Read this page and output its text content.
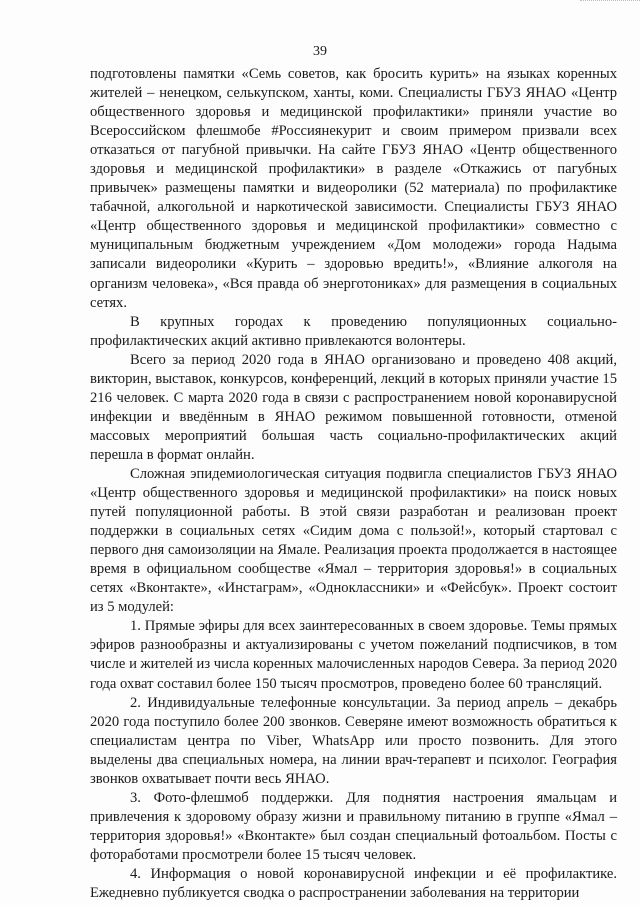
39

подготовлены памятки «Семь советов, как бросить курить» на языках коренных жителей – ненецком, селькупском, ханты, коми. Специалисты ГБУЗ ЯНАО «Центр общественного здоровья и медицинской профилактики» приняли участие во Всероссийском флешмобе #Россиянекурит и своим примером призвали всех отказаться от пагубной привычки. На сайте ГБУЗ ЯНАО «Центр общественного здоровья и медицинской профилактики» в разделе «Откажись от пагубных привычек» размещены памятки и видеоролики (52 материала) по профилактике табачной, алкогольной и наркотической зависимости. Специалисты ГБУЗ ЯНАО «Центр общественного здоровья и медицинской профилактики» совместно с муниципальным бюджетным учреждением «Дом молодежи» города Надыма записали видеоролики «Курить – здоровью вредить!», «Влияние алкоголя на организм человека», «Вся правда об энерготониках» для размещения в социальных сетях.

В крупных городах к проведению популяционных социально-профилактических акций активно привлекаются волонтеры.

Всего за период 2020 года в ЯНАО организовано и проведено 408 акций, викторин, выставок, конкурсов, конференций, лекций в которых приняли участие 15 216 человек. С марта 2020 года в связи с распространением новой коронавирусной инфекции и введённым в ЯНАО режимом повышенной готовности, отменой массовых мероприятий большая часть социально-профилактических акций перешла в формат онлайн.

Сложная эпидемиологическая ситуация подвигла специалистов ГБУЗ ЯНАО «Центр общественного здоровья и медицинской профилактики» на поиск новых путей популяционной работы. В этой связи разработан и реализован проект поддержки в социальных сетях «Сидим дома с пользой!», который стартовал с первого дня самоизоляции на Ямале. Реализация проекта продолжается в настоящее время в официальном сообществе «Ямал – территория здоровья!» в социальных сетях «Вконтакте», «Инстаграм», «Одноклассники» и «Фейсбук». Проект состоит из 5 модулей:

1. Прямые эфиры для всех заинтересованных в своем здоровье. Темы прямых эфиров разнообразны и актуализированы с учетом пожеланий подписчиков, в том числе и жителей из числа коренных малочисленных народов Севера. За период 2020 года охват составил более 150 тысяч просмотров, проведено более 60 трансляций.

2. Индивидуальные телефонные консультации. За период апрель – декабрь 2020 года поступило более 200 звонков. Северяне имеют возможность обратиться к специалистам центра по Viber, WhatsApp или просто позвонить. Для этого выделены два специальных номера, на линии врач-терапевт и психолог. География звонков охватывает почти весь ЯНАО.

3. Фото-флешмоб поддержки. Для поднятия настроения ямальцам и привлечения к здоровому образу жизни и правильному питанию в группе «Ямал – территория здоровья!» «Вконтакте» был создан специальный фотоальбом. Посты с фотоработами просмотрели более 15 тысяч человек.

4. Информация о новой коронавирусной инфекции и её профилактике. Ежедневно публикуется сводка о распространении заболевания на территории
